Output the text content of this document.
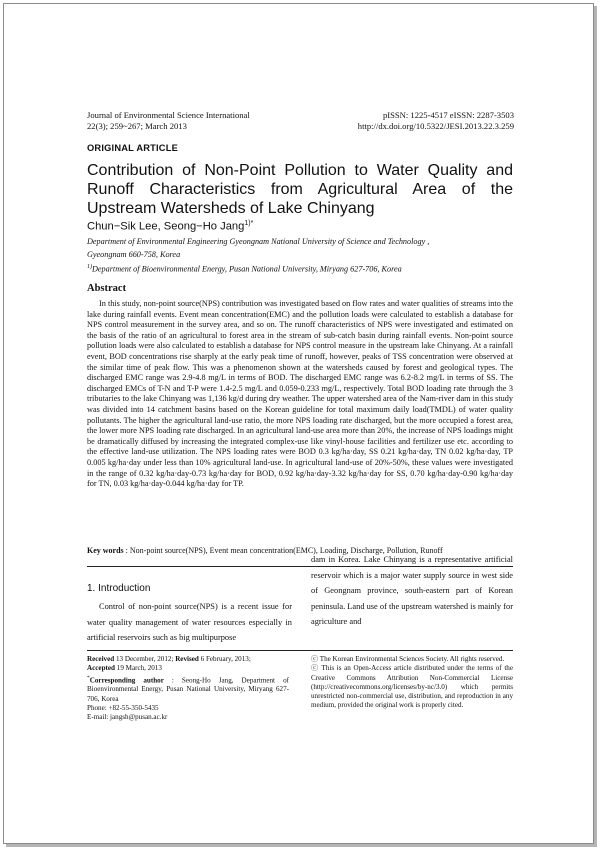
Journal of Environmental Science International
22(3); 259~267; March 2013
pISSN: 1225-4517 eISSN: 2287-3503
http://dx.doi.org/10.5322/JESI.2013.22.3.259
ORIGINAL ARTICLE
Contribution of Non-Point Pollution to Water Quality and Runoff Characteristics from Agricultural Area of the Upstream Watersheds of Lake Chinyang
Chun−Sik Lee, Seong−Ho Jang$^{1)*}$
Department of Environmental Engineering Gyeongnam National University of Science and Technology ,
Gyeongnam 660-758, Korea
$^{1)}$Department of Bioenvironmental Energy, Pusan National University, Miryang 627-706, Korea
Abstract

In this study, non-point source(NPS) contribution was investigated based on flow rates and water qualities of streams into the lake during rainfall events. Event mean concentration(EMC) and the pollution loads were calculated to establish a database for NPS control measurement in the survey area, and so on. The runoff characteristics of NPS were investigated and estimated on the basis of the ratio of an agricultural to forest area in the stream of sub-catch basin during rainfall events. Non-point source pollution loads were also calculated to establish a database for NPS control measure in the upstream lake Chinyang. At a rainfall event, BOD concentrations rise sharply at the early peak time of runoff, however, peaks of TSS concentration were observed at the similar time of peak flow. This was a phenomenon shown at the watersheds caused by forest and geological types. The discharged EMC range was 2.9-4.8 mg/L in terms of BOD. The discharged EMC range was 6.2-8.2 mg/L in terms of SS. The discharged EMCs of T-N and T-P were 1.4-2.5 mg/L and 0.059-0.233 mg/L, respectively. Total BOD loading rate through the 3 tributaries to the lake Chinyang was 1,136 kg/d during dry weather. The upper watershed area of the Nam-river dam in this study was divided into 14 catchment basins based on the Korean guideline for total maximum daily load(TMDL) of water quality pollutants. The higher the agricultural land-use ratio, the more NPS loading rate discharged, but the more occupied a forest area, the lower more NPS loading rate discharged. In an agricultural land-use area more than 20%, the increase of NPS loadings might be dramatically diffused by increasing the integrated complex-use like vinyl-house facilities and fertilizer use etc. according to the effective land-use utilization. The NPS loading rates were BOD 0.3 kg/ha·day, SS 0.21 kg/ha·day, TN 0.02 kg/ha·day, TP 0.005 kg/ha·day under less than 10% agricultural land-use. In agricultural land-use of 20%-50%, these values were investigated in the range of 0.32 kg/ha·day-0.73 kg/ha·day for BOD, 0.92 kg/ha·day-3.32 kg/ha·day for SS, 0.70 kg/ha·day-0.90 kg/ha·day for TN, 0.03 kg/ha·day-0.044 kg/ha·day for TP.

Key words : Non-point source(NPS), Event mean concentration(EMC), Loading, Discharge, Pollution, Runoff
1. Introduction

Control of non-point source(NPS) is a recent issue for water quality management of water resources especially in artificial reservoirs such as big multipurpose

dam in Korea. Lake Chinyang is a representative artificial reservoir which is a major water supply source in west side of Geongnam province, south-eastern part of Korean peninsula. Land use of the upstream watershed is mainly for agriculture and

Received 13 December, 2012; Revised 6 February, 2013;
Accepted 19 March, 2013
*Corresponding author : Seong-Ho Jang, Department of Bioenvironmental Energy, Pusan National University, Miryang 627-706, Korea
Phone: +82-55-350-5435
E-mail: jangsh@pusan.ac.kr
ⓒ The Korean Environmental Sciences Society. All rights reserved.
ⓒ This is an Open-Access article distributed under the terms of the Creative Commons Attribution Non-Commercial License (http://creativecommons.org/licenses/by-nc/3.0) which permits unrestricted non-commercial use, distribution, and reproduction in any medium, provided the original work is properly cited.
